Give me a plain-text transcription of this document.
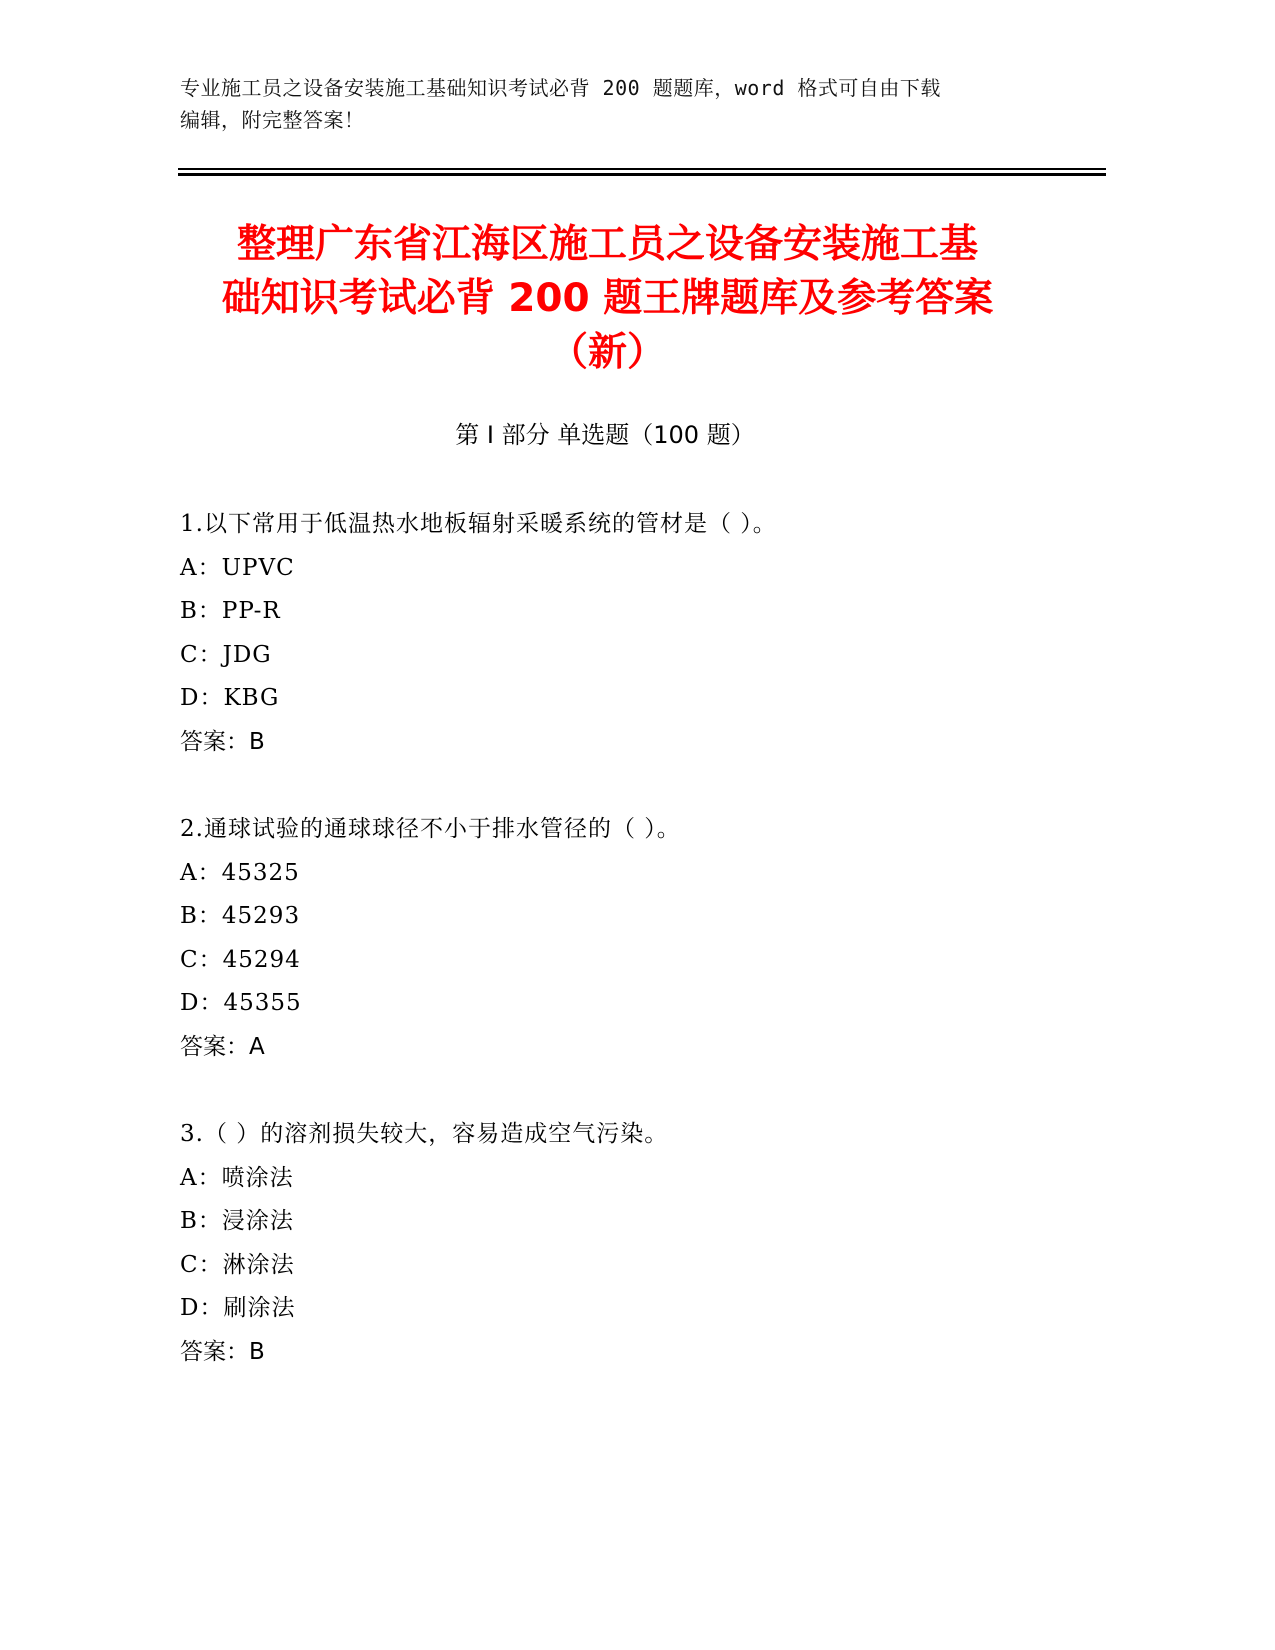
专业施工员之设备安装施工基础知识考试必背 200 题题库，word 格式可自由下载
编辑，附完整答案！
整理广东省江海区施工员之设备安装施工基
础知识考试必背 200 题王牌题库及参考答案
（新）
第 I 部分 单选题（100 题）
1.以下常用于低温热水地板辐射采暖系统的管材是（ ）。
A：UPVC
B：PP-R
C：JDG
D：KBG
答案：B
2.通球试验的通球球径不小于排水管径的（ ）。
A：45325
B：45293
C：45294
D：45355
答案：A
3.（ ）的溶剂损失较大，容易造成空气污染。
A：喷涂法
B：浸涂法
C：淋涂法
D：刷涂法
答案：B
